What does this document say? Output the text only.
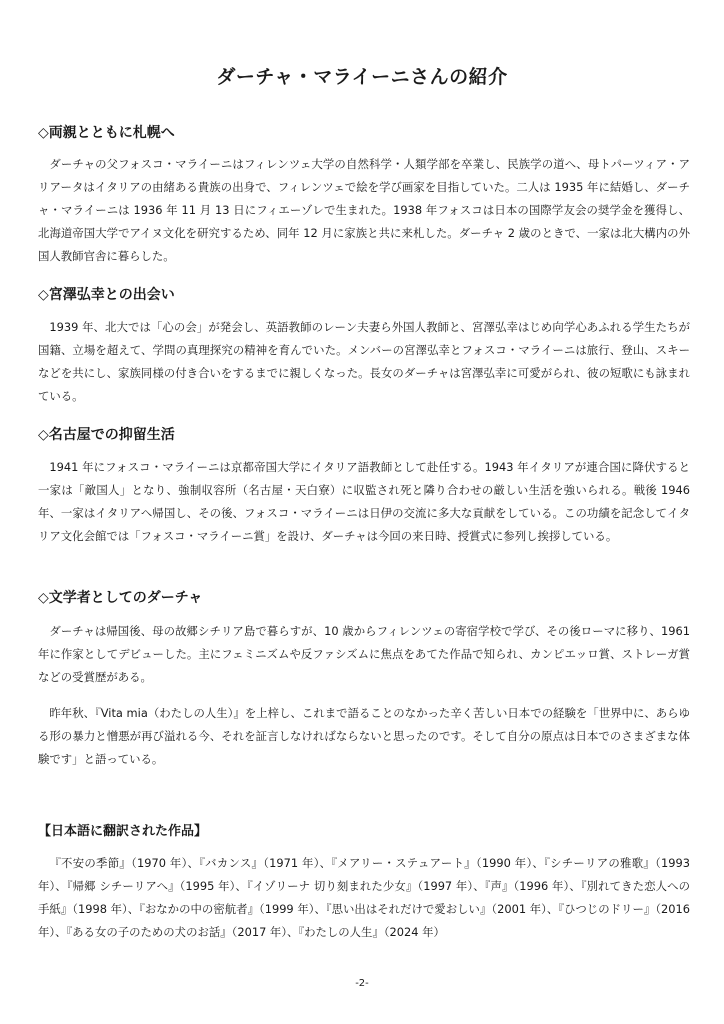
ダーチャ・マライーニさんの紹介
◇両親とともに札幌へ

ダーチャの父フォスコ・マライーニはフィレンツェ大学の自然科学・人類学部を卒業し、民族学の道へ、母トパーツィア・アリアータはイタリアの由緒ある貴族の出身で、フィレンツェで絵を学び画家を目指していた。二人は 1935 年に結婚し、ダーチャ・マライーニは 1936 年 11 月 13 日にフィエーゾレで生まれた。1938 年フォスコは日本の国際学友会の奨学金を獲得し、北海道帝国大学でアイヌ文化を研究するため、同年 12 月に家族と共に来札した。ダーチャ 2 歳のときで、一家は北大構内の外国人教師官舎に暮らした。

◇宮澤弘幸との出会い

1939 年、北大では「心の会」が発会し、英語教師のレーン夫妻ら外国人教師と、宮澤弘幸はじめ向学心あふれる学生たちが国籍、立場を超えて、学問の真理探究の精神を育んでいた。メンバーの宮澤弘幸とフォスコ・マライーニは旅行、登山、スキーなどを共にし、家族同様の付き合いをするまでに親しくなった。長女のダーチャは宮澤弘幸に可愛がられ、彼の短歌にも詠まれている。

◇名古屋での抑留生活

1941 年にフォスコ・マライーニは京都帝国大学にイタリア語教師として赴任する。1943 年イタリアが連合国に降伏すると一家は「敵国人」となり、強制収容所（名古屋・天白寮）に収監され死と隣り合わせの厳しい生活を強いられる。戦後 1946 年、一家はイタリアへ帰国し、その後、フォスコ・マライーニは日伊の交流に多大な貢献をしている。この功績を記念してイタリア文化会館では「フォスコ・マライーニ賞」を設け、ダーチャは今回の来日時、授賞式に参列し挨拶している。

◇文学者としてのダーチャ

ダーチャは帰国後、母の故郷シチリア島で暮らすが、10 歳からフィレンツェの寄宿学校で学び、その後ローマに移り、1961 年に作家としてデビューした。主にフェミニズムや反ファシズムに焦点をあてた作品で知られ、カンピエッロ賞、ストレーガ賞などの受賞歴がある。

昨年秋、『Vita mia（わたしの人生）』を上梓し、これまで語ることのなかった辛く苦しい日本での経験を「世界中に、あらゆる形の暴力と憎悪が再び溢れる今、それを証言しなければならないと思ったのです。そして自分の原点は日本でのさまざまな体験です」と語っている。

【日本語に翻訳された作品】

『不安の季節』（1970 年）、『バカンス』（1971 年）、『メアリー・ステュアート』（1990 年）、『シチーリアの雅歌』（1993 年）、『帰郷 シチーリアへ』（1995 年）、『イゾリーナ 切り刻まれた少女』（1997 年）、『声』（1996 年）、『別れてきた恋人への手紙』（1998 年）、『おなかの中の密航者』（1999 年）、『思い出はそれだけで愛おしい』（2001 年）、『ひつじのドリー』（2016 年）、『ある女の子のための犬のお話』（2017 年）、『わたしの人生』（2024 年）

-2-
